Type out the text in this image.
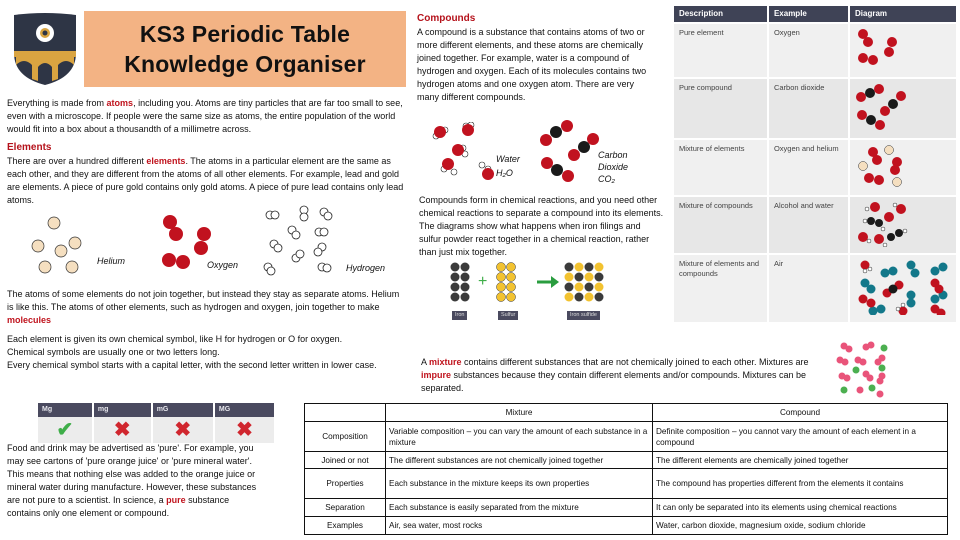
KS3 Periodic Table
Knowledge Organiser

Everything is made from atoms, including you. Atoms are tiny particles that are far too small to see, even with a microscope. If people were the same size as atoms, the entire population of the world would fit into a box about a thousandth of a millimetre across.

Elements

There are over a hundred different elements. The atoms in a particular element are the same as each other, and they are different from the atoms of all other elements. For example, lead and gold are elements. A piece of pure gold contains only gold atoms. A piece of pure lead contains only lead atoms.

Helium	Oxygen	Hydrogen

The atoms of some elements do not join together, but instead they stay as separate atoms. Helium is like this. The atoms of other elements, such as hydrogen and oxygen, join together to make molecules

Each element is given its own chemical symbol, like H for hydrogen or O for oxygen.

Chemical symbols are usually one or two letters long.

Every chemical symbol starts with a capital letter, with the second letter written in lower case.

Mg	mg	mG	MG
✔	✖	✖	✖

Food and drink may be advertised as 'pure'. For example, you may see cartons of 'pure orange juice' or 'pure mineral water'. This means that nothing else was added to the orange juice or mineral water during manufacture. However, these substances are not pure to a scientist. In science, a pure substance contains only one element or compound.

Compounds

A compound is a substance that contains atoms of two or more different elements, and these atoms are chemically joined together. For example, water is a compound of hydrogen and oxygen. Each of its molecules contains two hydrogen atoms and one oxygen atom. There are very many different compounds.

Water
H₂O
Carbon
Dioxide
CO₂

Compounds form in chemical reactions, and you need other chemical reactions to separate a compound into its elements. The diagrams show what happens when iron filings and sulfur powder react together in a chemical reaction, rather than just mix together.

+
Iron	Sulfur	Iron sulfide

A mixture contains different substances that are not chemically joined to each other. Mixtures are impure substances because they contain different elements and/or compounds. Mixtures can be separated.

Description	Example	Diagram
Pure element	Oxygen	
Pure compound	Carbon dioxide	
Mixture of elements	Oxygen and helium	
Mixture of compounds	Alcohol and water	
Mixture of elements and compounds	Air	
	Mixture	Compound
Composition	Variable composition – you can vary the amount of each substance in a mixture	Definite composition – you cannot vary the amount of each element in a compound
Joined or not	The different substances are not chemically joined together	The different elements are chemically joined together
Properties	Each substance in the mixture keeps its own properties	The compound has properties different from the elements it contains
Separation	Each substance is easily separated from the mixture	It can only be separated into its elements using chemical reactions
Examples	Air, sea water, most rocks	Water, carbon dioxide, magnesium oxide, sodium chloride
